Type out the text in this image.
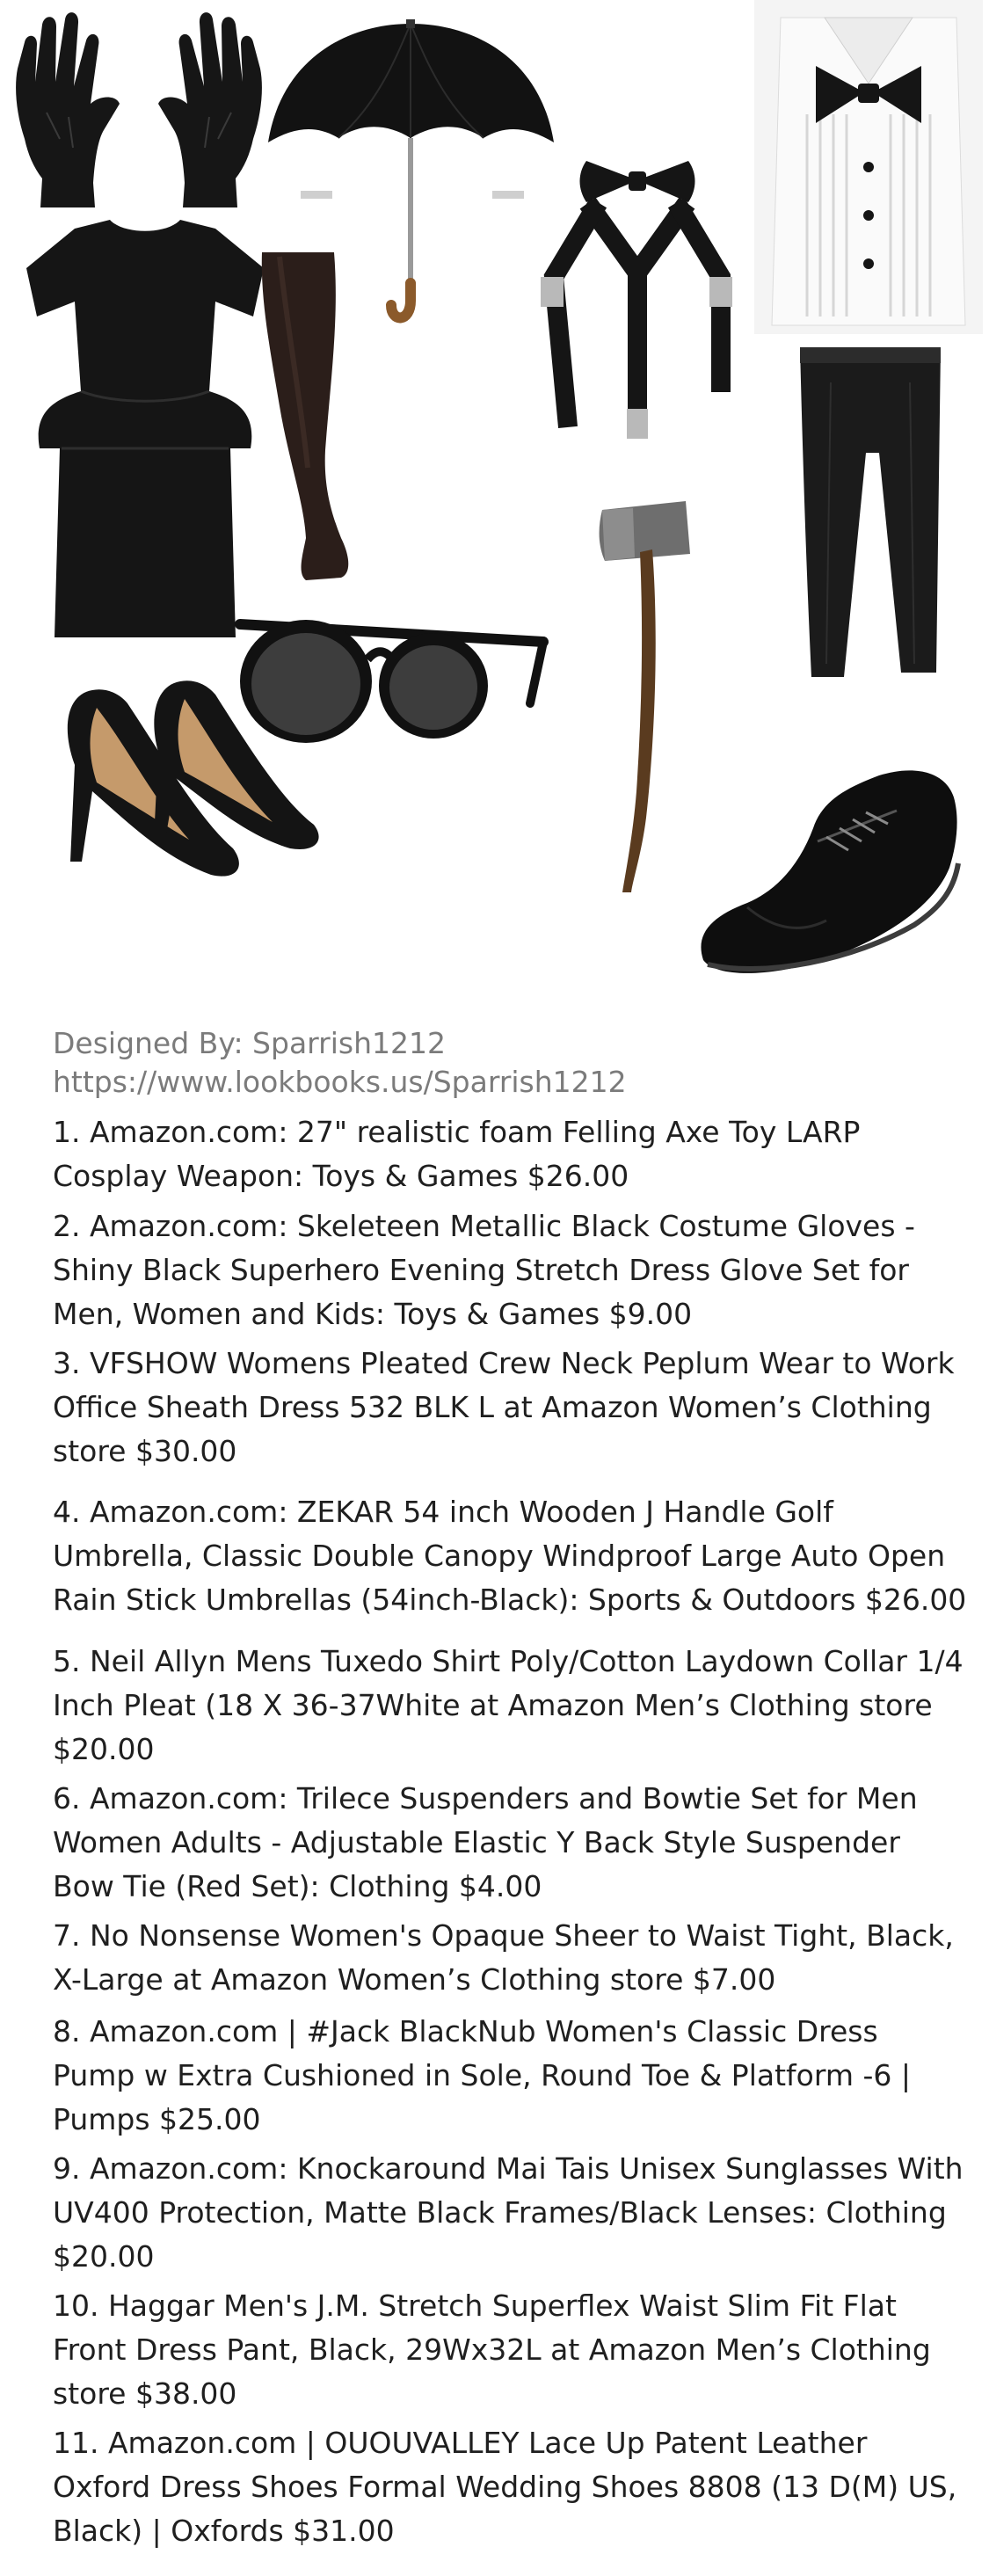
Designed By: Sparrish1212
https://www.lookbooks.us/Sparrish1212
1. Amazon.com: 27" realistic foam Felling Axe Toy LARP Cosplay Weapon: Toys & Games $26.00
2. Amazon.com: Skeleteen Metallic Black Costume Gloves - Shiny Black Superhero Evening Stretch Dress Glove Set for Men, Women and Kids: Toys & Games $9.00
3. VFSHOW Womens Pleated Crew Neck Peplum Wear to Work Office Sheath Dress 532 BLK L at Amazon Women’s Clothing store $30.00
4. Amazon.com: ZEKAR 54 inch Wooden J Handle Golf Umbrella, Classic Double Canopy Windproof Large Auto Open Rain Stick Umbrellas (54inch-Black): Sports & Outdoors $26.00
5. Neil Allyn Mens Tuxedo Shirt Poly/Cotton Laydown Collar 1/4 Inch Pleat (18 X 36-37White at Amazon Men’s Clothing store $20.00
6. Amazon.com: Trilece Suspenders and Bowtie Set for Men Women Adults - Adjustable Elastic Y Back Style Suspender Bow Tie (Red Set): Clothing $4.00
7. No Nonsense Women's Opaque Sheer to Waist Tight, Black, X-Large at Amazon Women’s Clothing store $7.00
8. Amazon.com | #Jack BlackNub Women's Classic Dress Pump w Extra Cushioned in Sole, Round Toe & Platform -6 | Pumps $25.00
9. Amazon.com: Knockaround Mai Tais Unisex Sunglasses With UV400 Protection, Matte Black Frames/Black Lenses: Clothing $20.00
10. Haggar Men's J.M. Stretch Superflex Waist Slim Fit Flat Front Dress Pant, Black, 29Wx32L at Amazon Men’s Clothing store $38.00
11. Amazon.com | OUOUVALLEY Lace Up Patent Leather Oxford Dress Shoes Formal Wedding Shoes 8808 (13 D(M) US, Black) | Oxfords $31.00
